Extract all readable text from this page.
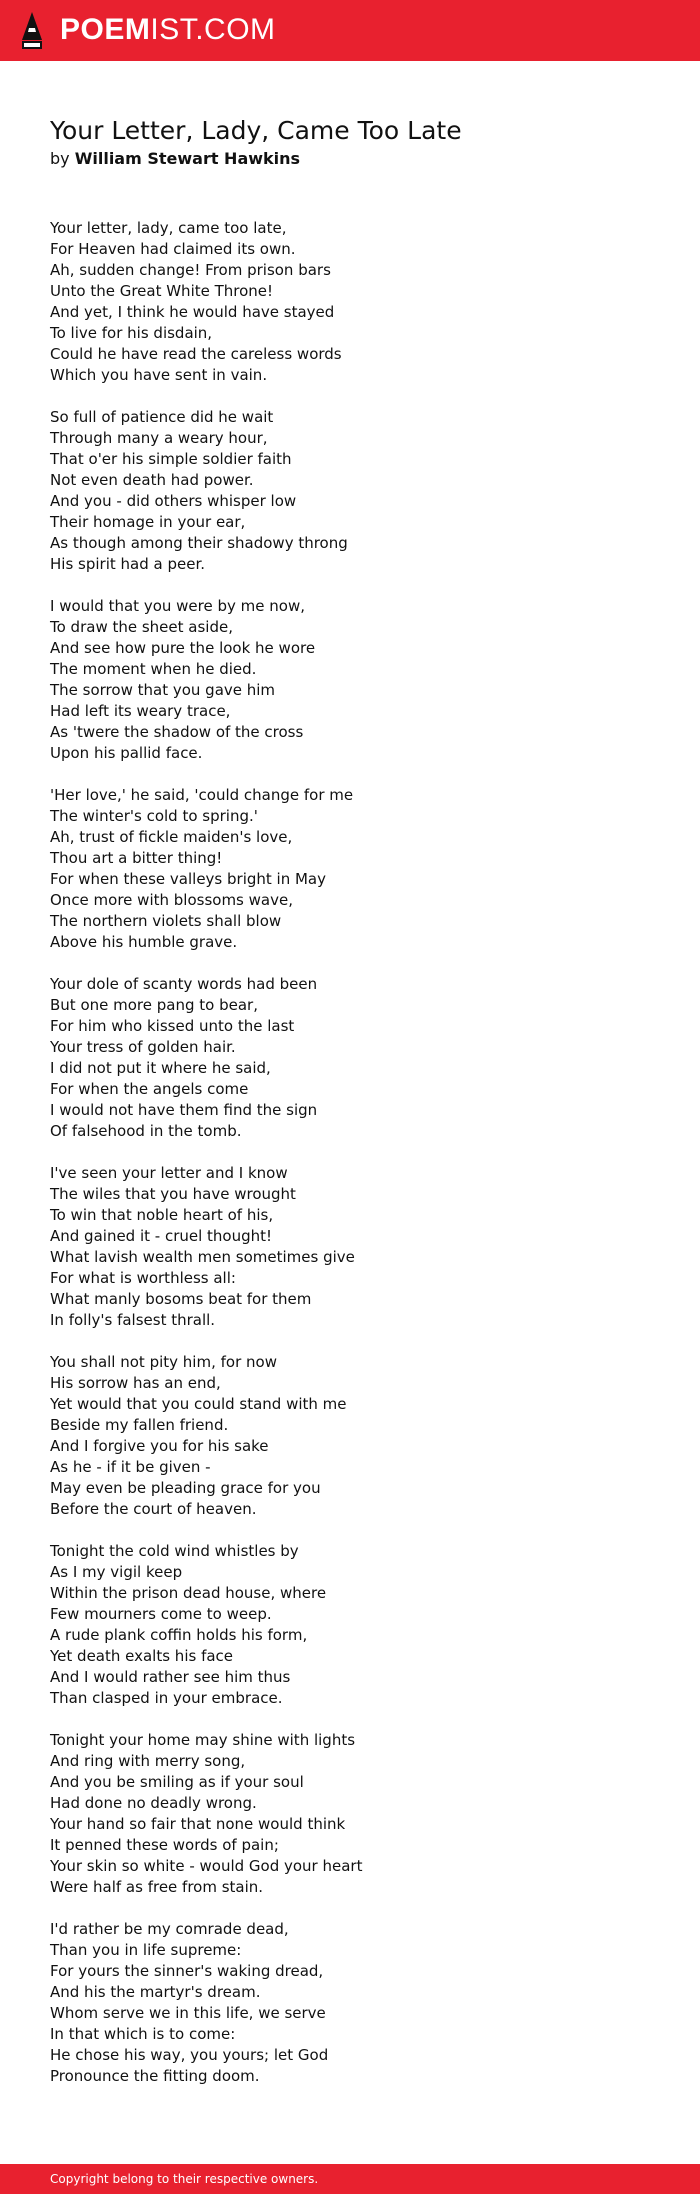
POEMIST.COM
Your Letter, Lady, Came Too Late
by William Stewart Hawkins
Your letter, lady, came too late,
For Heaven had claimed its own.
Ah, sudden change! From prison bars
Unto the Great White Throne!
And yet, I think he would have stayed
To live for his disdain,
Could he have read the careless words
Which you have sent in vain.
So full of patience did he wait
Through many a weary hour,
That o'er his simple soldier faith
Not even death had power.
And you - did others whisper low
Their homage in your ear,
As though among their shadowy throng
His spirit had a peer.
I would that you were by me now,
To draw the sheet aside,
And see how pure the look he wore
The moment when he died.
The sorrow that you gave him
Had left its weary trace,
As 'twere the shadow of the cross
Upon his pallid face.
'Her love,' he said, 'could change for me
The winter's cold to spring.'
Ah, trust of fickle maiden's love,
Thou art a bitter thing!
For when these valleys bright in May
Once more with blossoms wave,
The northern violets shall blow
Above his humble grave.
Your dole of scanty words had been
But one more pang to bear,
For him who kissed unto the last
Your tress of golden hair.
I did not put it where he said,
For when the angels come
I would not have them find the sign
Of falsehood in the tomb.
I've seen your letter and I know
The wiles that you have wrought
To win that noble heart of his,
And gained it - cruel thought!
What lavish wealth men sometimes give
For what is worthless all:
What manly bosoms beat for them
In folly's falsest thrall.
You shall not pity him, for now
His sorrow has an end,
Yet would that you could stand with me
Beside my fallen friend.
And I forgive you for his sake
As he - if it be given -
May even be pleading grace for you
Before the court of heaven.
Tonight the cold wind whistles by
As I my vigil keep
Within the prison dead house, where
Few mourners come to weep.
A rude plank coffin holds his form,
Yet death exalts his face
And I would rather see him thus
Than clasped in your embrace.
Tonight your home may shine with lights
And ring with merry song,
And you be smiling as if your soul
Had done no deadly wrong.
Your hand so fair that none would think
It penned these words of pain;
Your skin so white - would God your heart
Were half as free from stain.
I'd rather be my comrade dead,
Than you in life supreme:
For yours the sinner's waking dread,
And his the martyr's dream.
Whom serve we in this life, we serve
In that which is to come:
He chose his way, you yours; let God
Pronounce the fitting doom.
Copyright belong to their respective owners.
